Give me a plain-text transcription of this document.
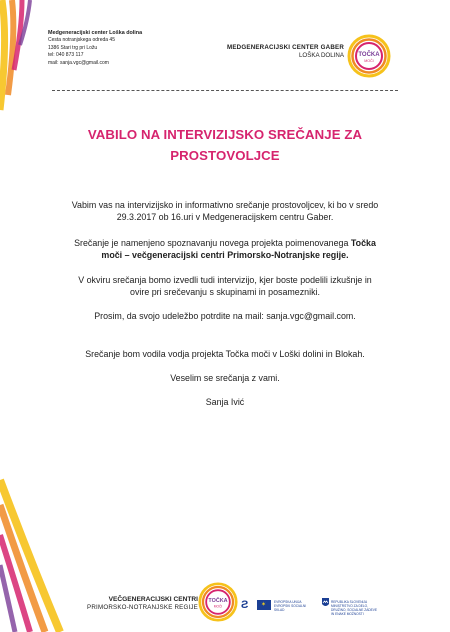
Medgeneracijski center Loška dolina
Cesta notranjskega odreda 45
1386 Stari trg pri Ložu
tel: 040 873 117
mail: sanja.vgc@gmail.com
MEDGENERACIJSKI CENTER GABER
LOŠKA DOLINA TOČKA
MOČI
VABILO NA INTERVIZIJSKO SREČANJE ZA
PROSTOVOLJCE
Vabim vas na intervizijsko in informativno srečanje prostovoljcev, ki bo v sredo
29.3.2017 ob 16.uri v Medgeneracijskem centru Gaber.
Srečanje je namenjeno spoznavanju novega projekta poimenovanega Točka
moči – večgeneracijski centri Primorsko-Notranjske regije.
V okviru srečanja bomo izvedli tudi intervizijo, kjer boste podelili izkušnje in
ovire pri srečevanju s skupinami in posamezniki.
Prosim, da svojo udeležbo potrdite na mail: sanja.vgc@gmail.com.
Srečanje bom vodila vodja projekta Točka moči v Loški dolini in Blokah.
Veselim se srečanja z vami.
Sanja Ivić
VEČGENERACIJSKI CENTRI
PRIMORSKO-NOTRANJSKE REGIJE
TOČKA
MOČI Ƨ ✶ EVROPSKA UNIJA EVROPSKI SOCIALNI SKLAD
REPUBLIKA SLOVENIJA MINISTRSTVO ZA DELO, DRUŽINO, SOCIALNE ZADEVE IN ENAKE MOŽNOSTI
